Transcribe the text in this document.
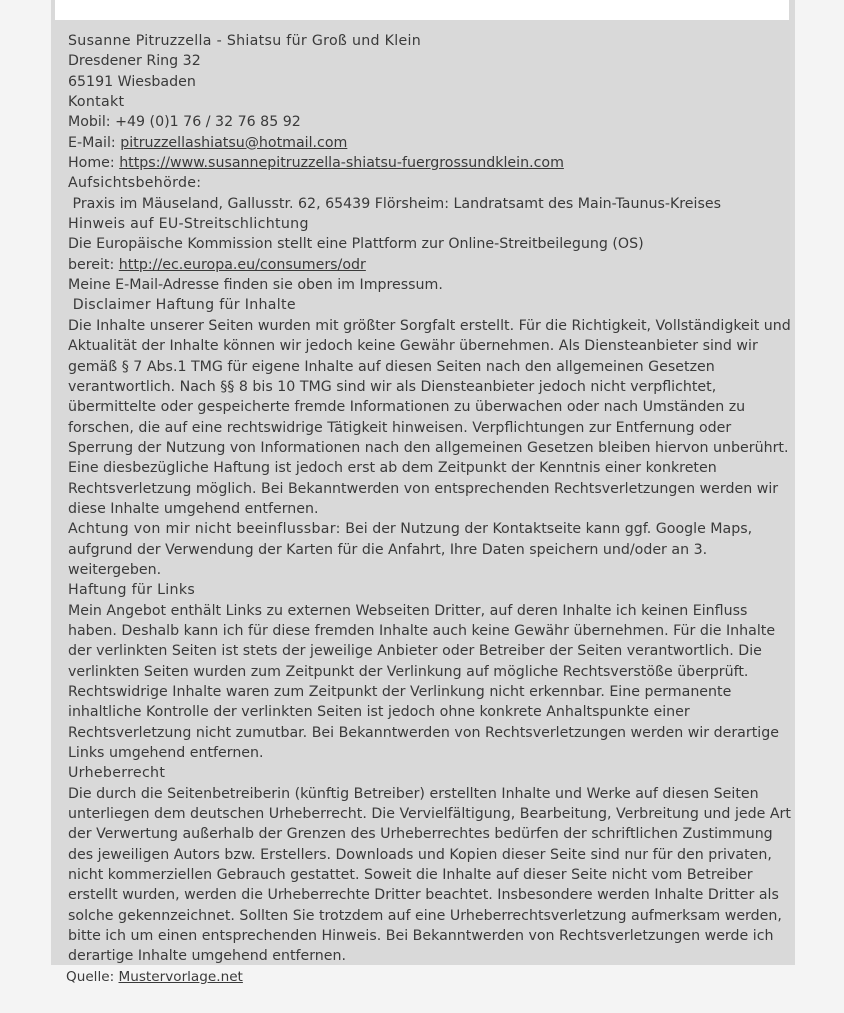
Susanne Pitruzzella - Shiatsu für Groß und Klein

Dresdener Ring 32

65191 Wiesbaden

Kontakt

Mobil: +49 (0)1 76 / 32 76 85 92

E-Mail: pitruzzellashiatsu@hotmail.com

Home: https://www.susannepitruzzella-shiatsu-fuergrossundklein.com

Aufsichtsbehörde:

Praxis im Mäuseland, Gallusstr. 62, 65439 Flörsheim: Landratsamt des Main-Taunus-Kreises

Hinweis auf EU-Streitschlichtung

Die Europäische Kommission stellt eine Plattform zur Online-Streitbeilegung (OS)

bereit: http://ec.europa.eu/consumers/odr

Meine E-Mail-Adresse finden sie oben im Impressum.

Disclaimer Haftung für Inhalte

Die Inhalte unserer Seiten wurden mit größter Sorgfalt erstellt. Für die Richtigkeit, Vollständigkeit und Aktualität der Inhalte können wir jedoch keine Gewähr übernehmen. Als Diensteanbieter sind wir gemäß § 7 Abs.1 TMG für eigene Inhalte auf diesen Seiten nach den allgemeinen Gesetzen verantwortlich. Nach §§ 8 bis 10 TMG sind wir als Diensteanbieter jedoch nicht verpflichtet, übermittelte oder gespeicherte fremde Informationen zu überwachen oder nach Umständen zu forschen, die auf eine rechtswidrige Tätigkeit hinweisen. Verpflichtungen zur Entfernung oder Sperrung der Nutzung von Informationen nach den allgemeinen Gesetzen bleiben hiervon unberührt. Eine diesbezügliche Haftung ist jedoch erst ab dem Zeitpunkt der Kenntnis einer konkreten Rechtsverletzung möglich. Bei Bekanntwerden von entsprechenden Rechtsverletzungen werden wir diese Inhalte umgehend entfernen.

Achtung von mir nicht beeinflussbar: Bei der Nutzung der Kontaktseite kann ggf. Google Maps, aufgrund der Verwendung der Karten für die Anfahrt, Ihre Daten speichern und/oder an 3. weitergeben.

Haftung für Links

Mein Angebot enthält Links zu externen Webseiten Dritter, auf deren Inhalte ich keinen Einfluss haben. Deshalb kann ich für diese fremden Inhalte auch keine Gewähr übernehmen. Für die Inhalte der verlinkten Seiten ist stets der jeweilige Anbieter oder Betreiber der Seiten verantwortlich. Die verlinkten Seiten wurden zum Zeitpunkt der Verlinkung auf mögliche Rechtsverstöße überprüft. Rechtswidrige Inhalte waren zum Zeitpunkt der Verlinkung nicht erkennbar. Eine permanente inhaltliche Kontrolle der verlinkten Seiten ist jedoch ohne konkrete Anhaltspunkte einer Rechtsverletzung nicht zumutbar. Bei Bekanntwerden von Rechtsverletzungen werden wir derartige Links umgehend entfernen.

Urheberrecht

Die durch die Seitenbetreiberin (künftig Betreiber) erstellten Inhalte und Werke auf diesen Seiten unterliegen dem deutschen Urheberrecht. Die Vervielfältigung, Bearbeitung, Verbreitung und jede Art der Verwertung außerhalb der Grenzen des Urheberrechtes bedürfen der schriftlichen Zustimmung des jeweiligen Autors bzw. Erstellers. Downloads und Kopien dieser Seite sind nur für den privaten, nicht kommerziellen Gebrauch gestattet. Soweit die Inhalte auf dieser Seite nicht vom Betreiber erstellt wurden, werden die Urheberrechte Dritter beachtet. Insbesondere werden Inhalte Dritter als solche gekennzeichnet. Sollten Sie trotzdem auf eine Urheberrechtsverletzung aufmerksam werden, bitte ich um einen entsprechenden Hinweis. Bei Bekanntwerden von Rechtsverletzungen werde ich derartige Inhalte umgehend entfernen.

Quelle: Mustervorlage.net
